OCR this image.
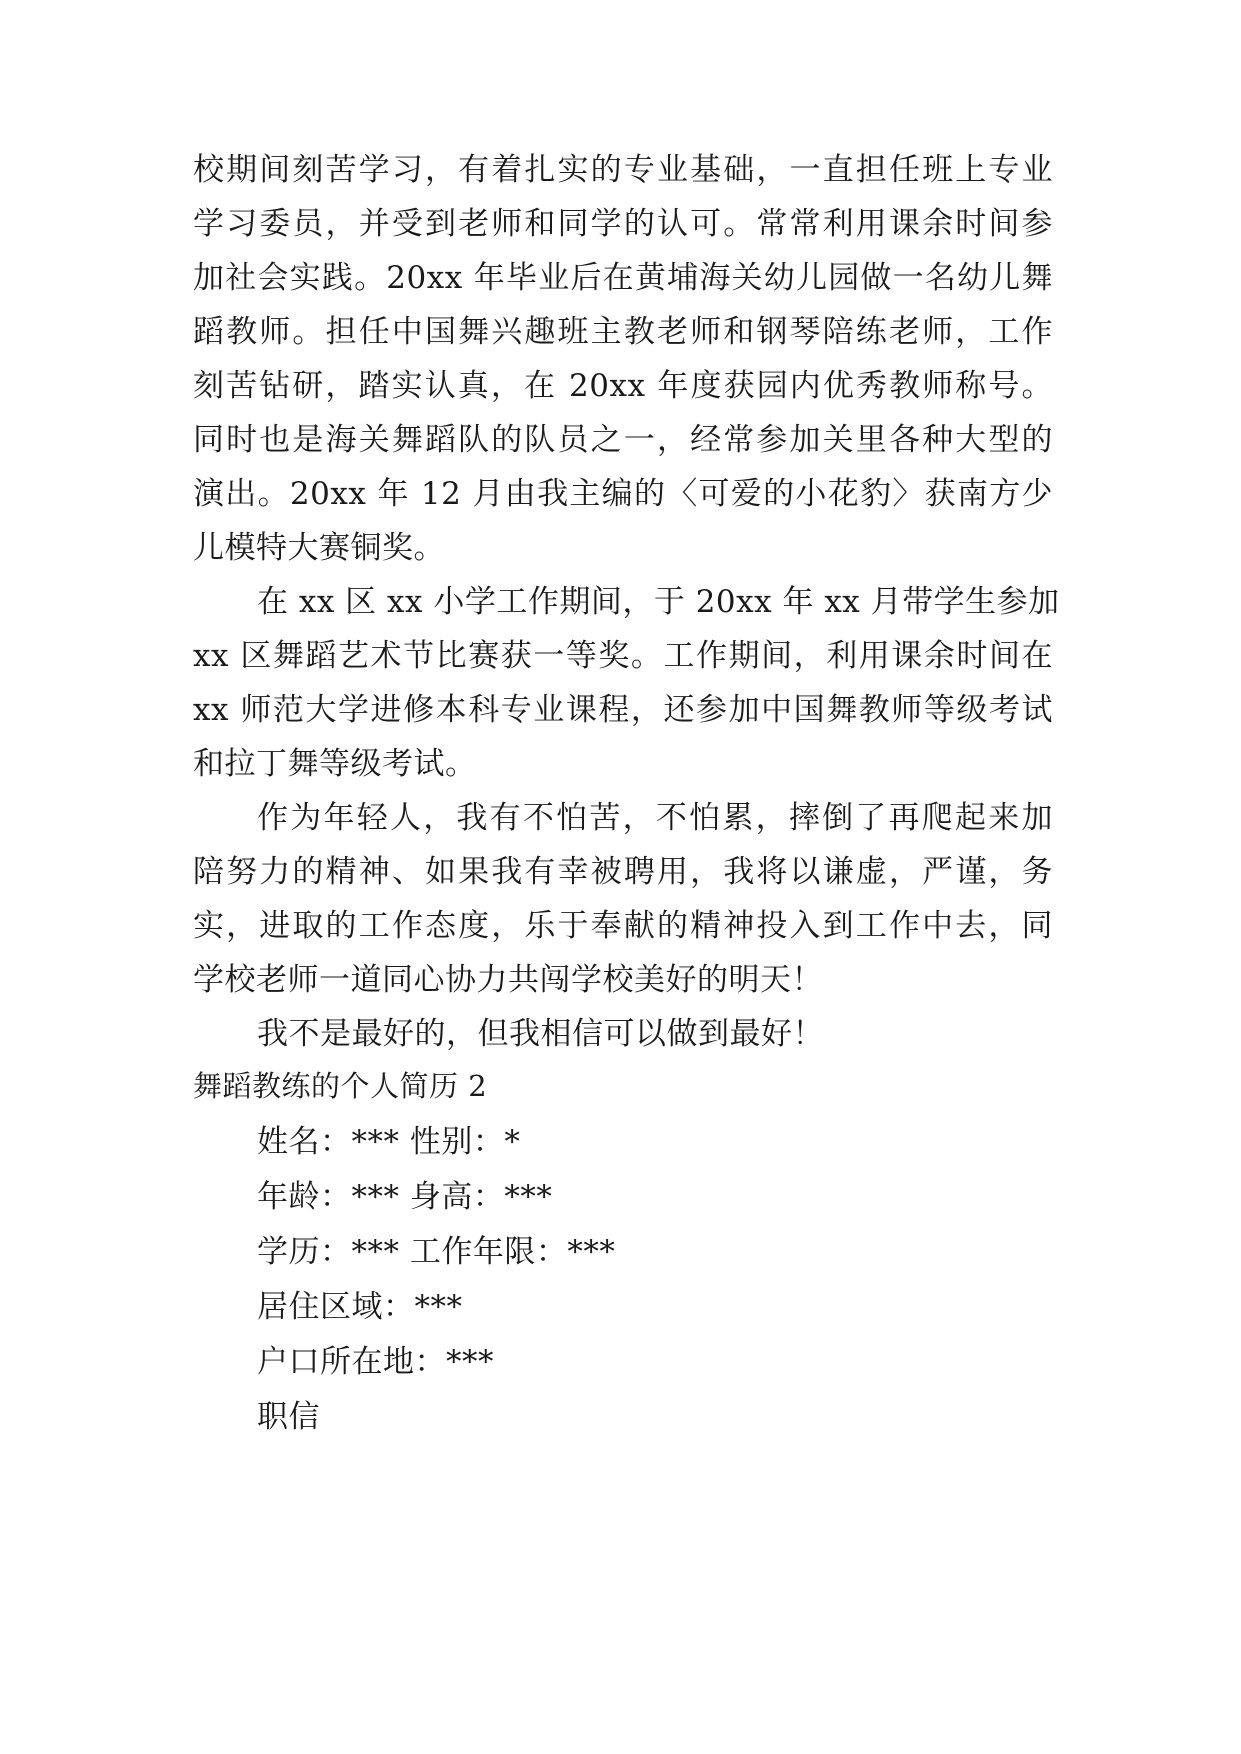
校期间刻苦学习，有着扎实的专业基础，一直担任班上专业
学习委员，并受到老师和同学的认可。常常利用课余时间参
加社会实践。20xx 年毕业后在黄埔海关幼儿园做一名幼儿舞
蹈教师。担任中国舞兴趣班主教老师和钢琴陪练老师，工作
刻苦钻研，踏实认真，在 20xx 年度获园内优秀教师称号。
同时也是海关舞蹈队的队员之一，经常参加关里各种大型的
演出。20xx 年 12 月由我主编的〈可爱的小花豹〉获南方少
儿模特大赛铜奖。
在 xx 区 xx 小学工作期间，于 20xx 年 xx 月带学生参加
xx 区舞蹈艺术节比赛获一等奖。工作期间，利用课余时间在
xx 师范大学进修本科专业课程，还参加中国舞教师等级考试
和拉丁舞等级考试。
作为年轻人，我有不怕苦，不怕累，摔倒了再爬起来加
陪努力的精神、如果我有幸被聘用，我将以谦虚，严谨，务
实，进取的工作态度，乐于奉献的精神投入到工作中去，同
学校老师一道同心协力共闯学校美好的明天！
我不是最好的，但我相信可以做到最好！
舞蹈教练的个人简历 2
姓名：*** 性别：*
年龄：*** 身高：***
学历：*** 工作年限：***
居住区域：***
户口所在地：***
职信
